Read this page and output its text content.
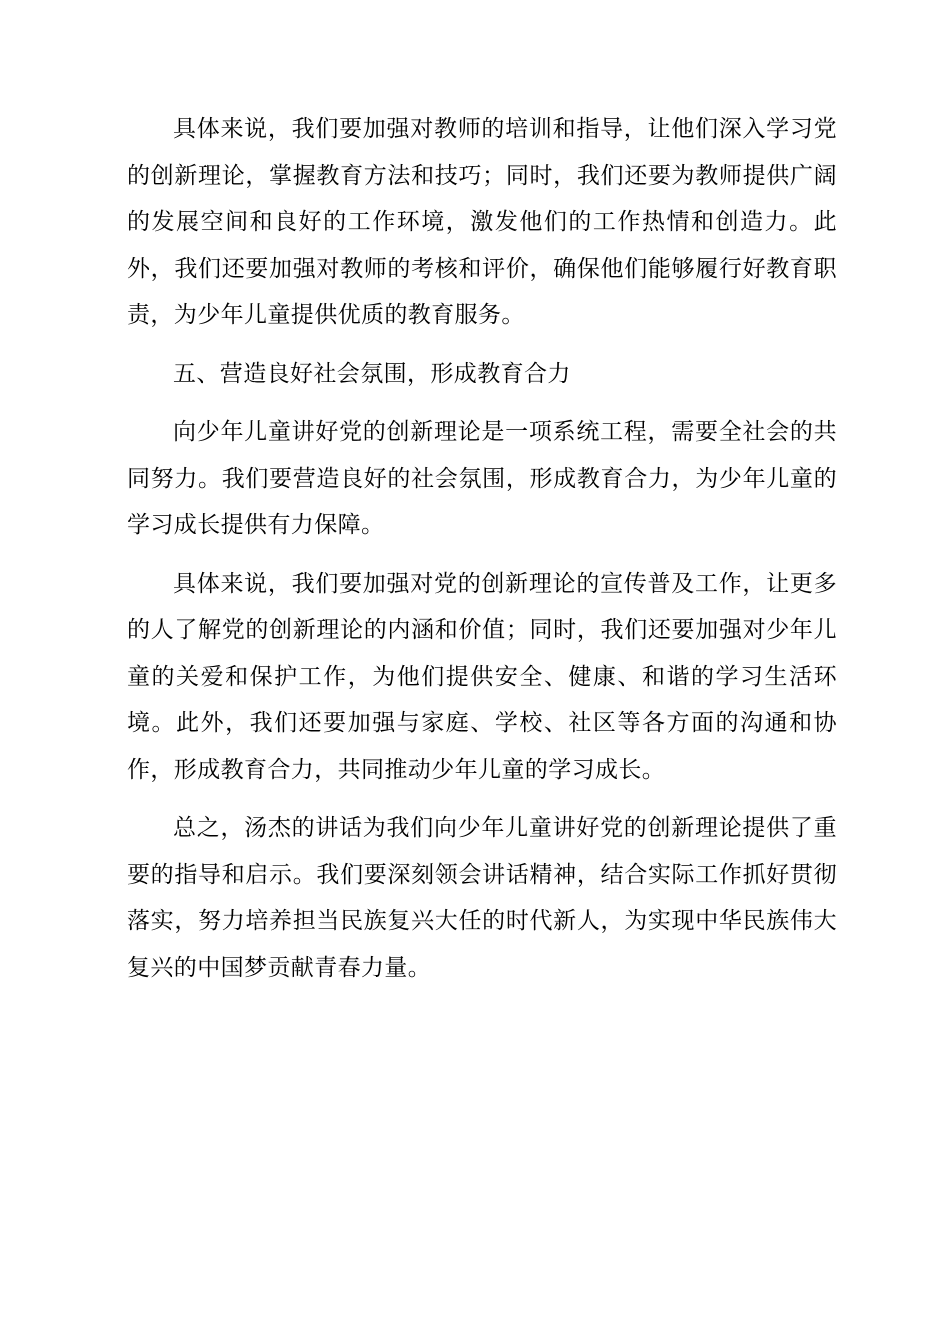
具体来说，我们要加强对教师的培训和指导，让他们深入学习党的创新理论，掌握教育方法和技巧；同时，我们还要为教师提供广阔的发展空间和良好的工作环境，激发他们的工作热情和创造力。此外，我们还要加强对教师的考核和评价，确保他们能够履行好教育职责，为少年儿童提供优质的教育服务。

五、营造良好社会氛围，形成教育合力

向少年儿童讲好党的创新理论是一项系统工程，需要全社会的共同努力。我们要营造良好的社会氛围，形成教育合力，为少年儿童的学习成长提供有力保障。

具体来说，我们要加强对党的创新理论的宣传普及工作，让更多的人了解党的创新理论的内涵和价值；同时，我们还要加强对少年儿童的关爱和保护工作，为他们提供安全、健康、和谐的学习生活环境。此外，我们还要加强与家庭、学校、社区等各方面的沟通和协作，形成教育合力，共同推动少年儿童的学习成长。

总之，汤杰的讲话为我们向少年儿童讲好党的创新理论提供了重要的指导和启示。我们要深刻领会讲话精神，结合实际工作抓好贯彻落实，努力培养担当民族复兴大任的时代新人，为实现中华民族伟大复兴的中国梦贡献青春力量。
